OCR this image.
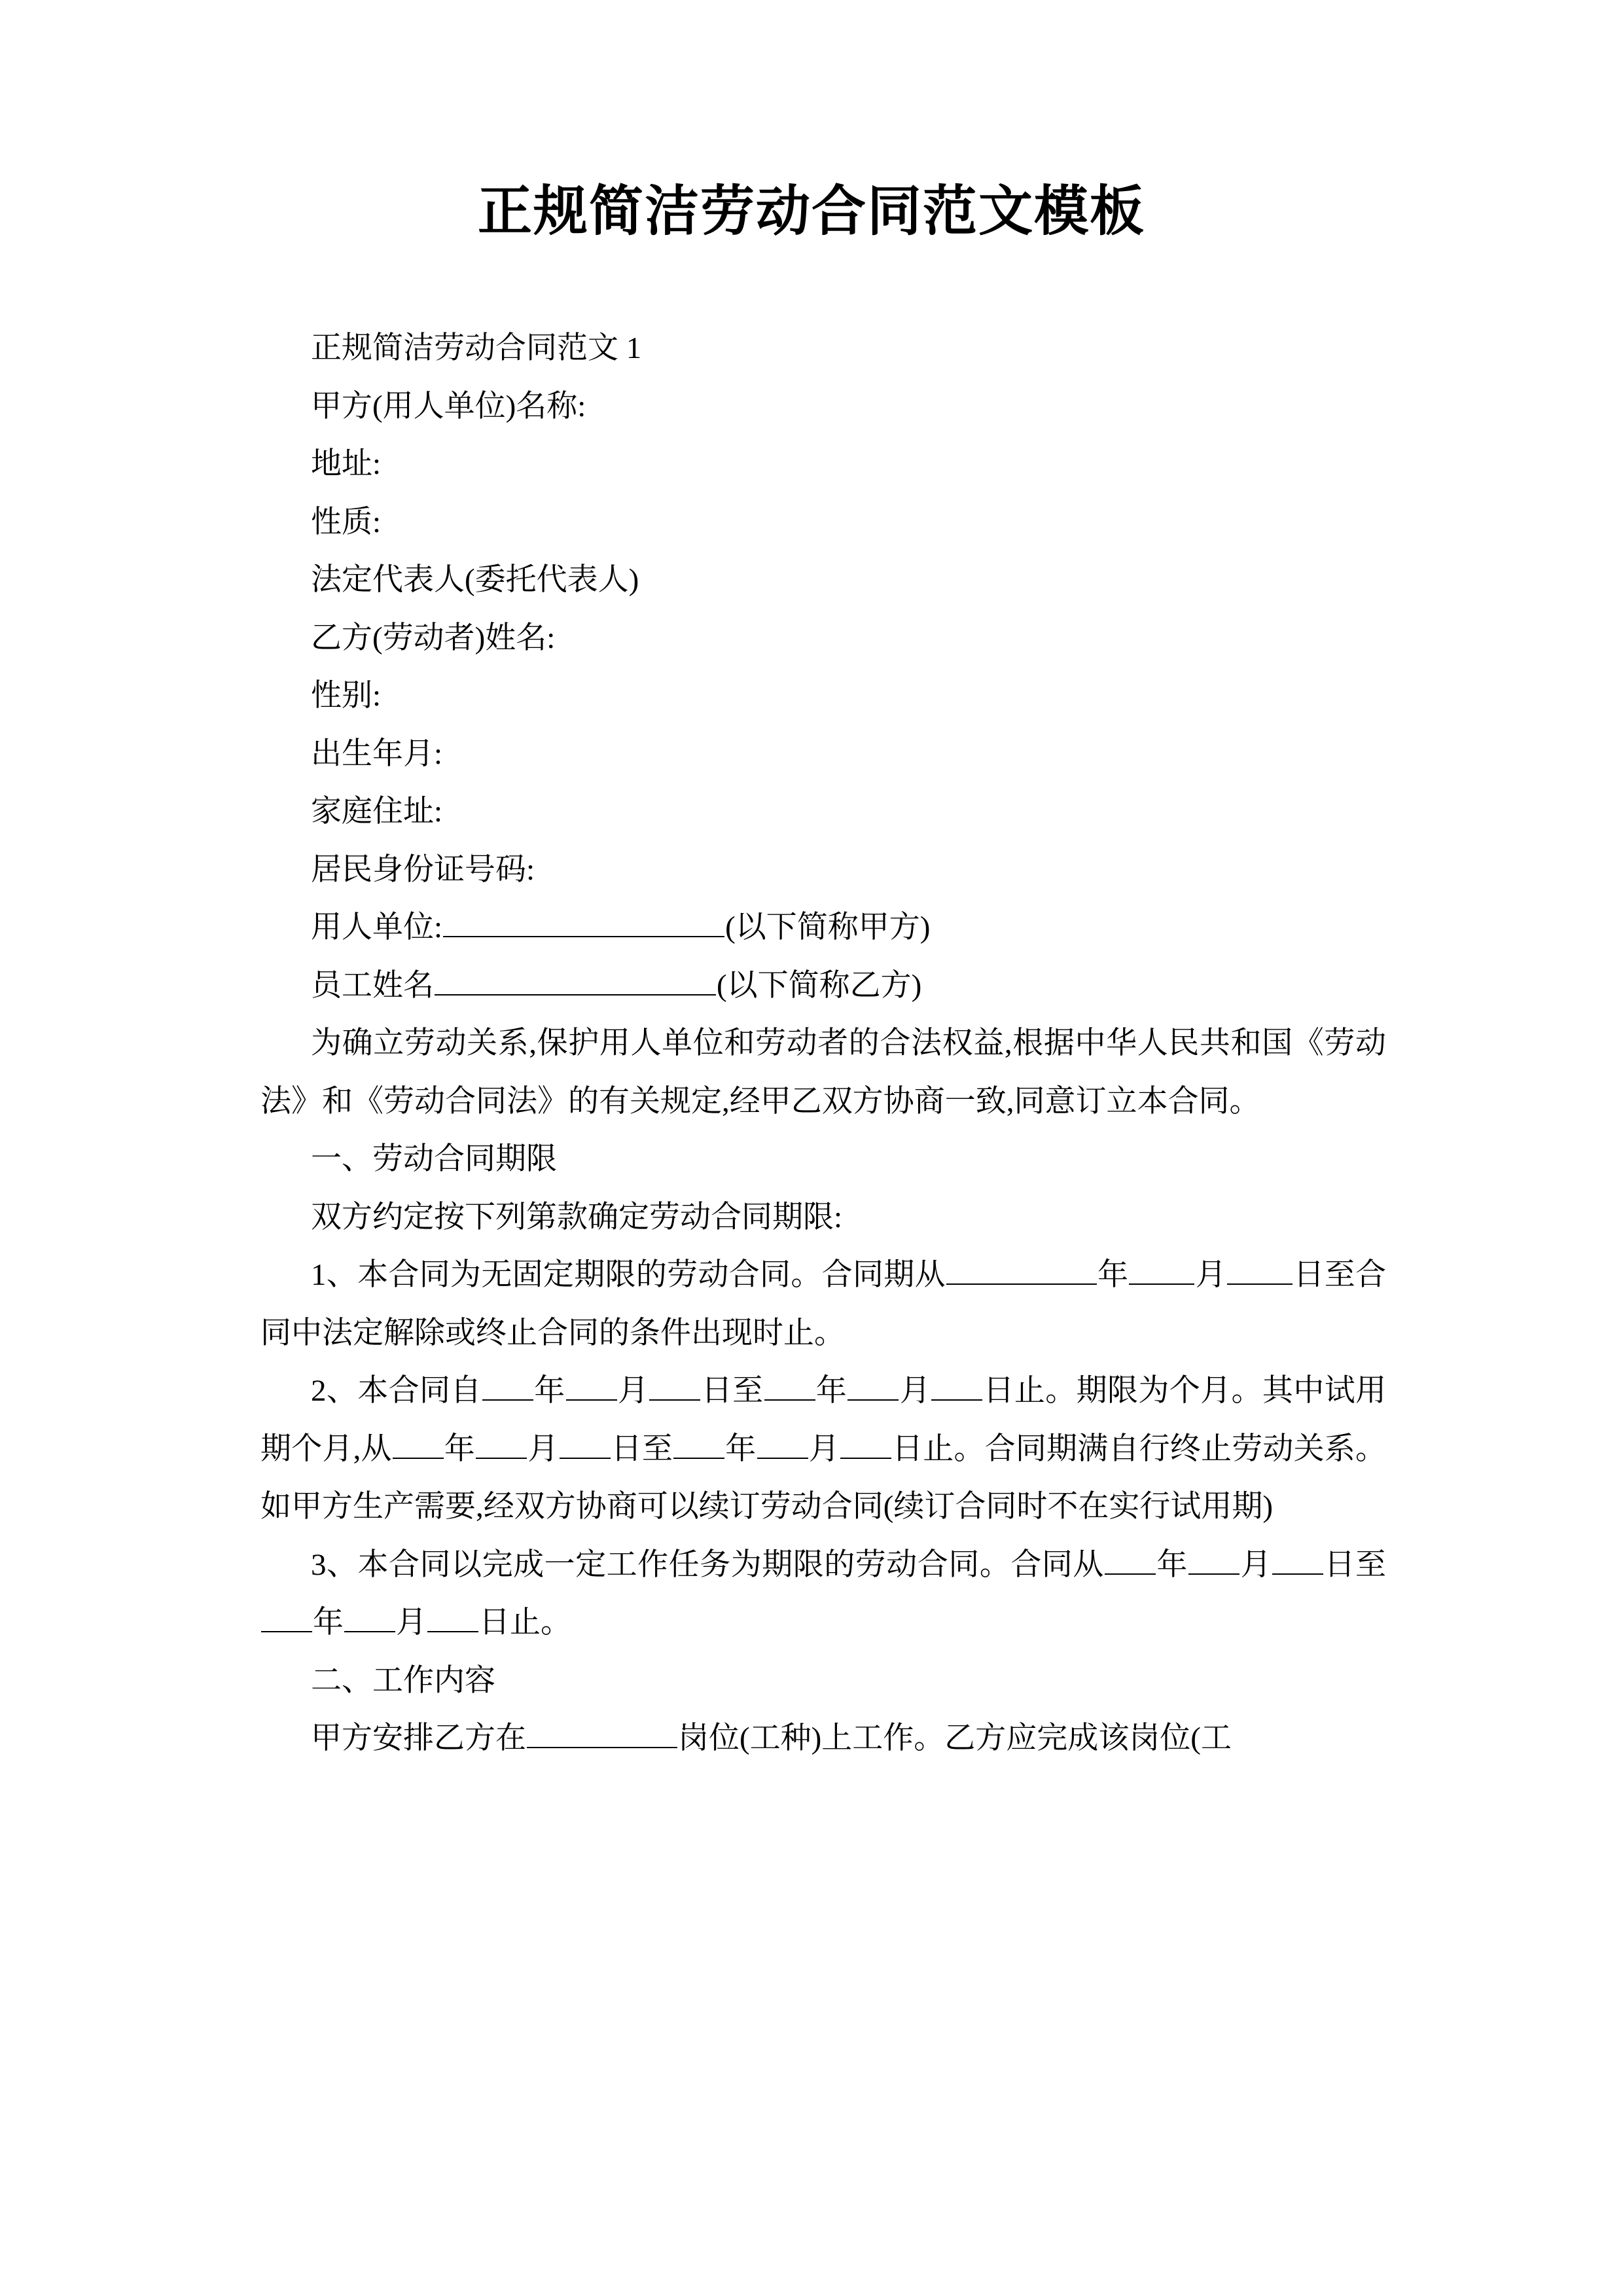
正规简洁劳动合同范文模板
正规简洁劳动合同范文 1
甲方(用人单位)名称:
地址:
性质:
法定代表人(委托代表人)
乙方(劳动者)姓名:
性别:
出生年月:
家庭住址:
居民身份证号码:
用人单位:	(以下简称甲方)
员工姓名	(以下简称乙方)
为确立劳动关系,保护用人单位和劳动者的合法权益,根据中华人民共和国《劳动法》和《劳动合同法》的有关规定,经甲乙双方协商一致,同意订立本合同。
一、劳动合同期限
双方约定按下列第款确定劳动合同期限:
1、本合同为无固定期限的劳动合同。合同期从	年 月 日至合同中法定解除或终止合同的条件出现时止。
2、本合同自 年 月 日至 年 月 日止。期限为个月。其中试用期个月,从 年 月 日至 年 月 日止。合同期满自行终止劳动关系。如甲方生产需要,经双方协商可以续订劳动合同(续订合同时不在实行试用期)
3、本合同以完成一定工作任务为期限的劳动合同。合同从 年 月 日至年 月 日止。
二、工作内容
甲方安排乙方在	岗位(工种)上工作。乙方应完成该岗位(工
